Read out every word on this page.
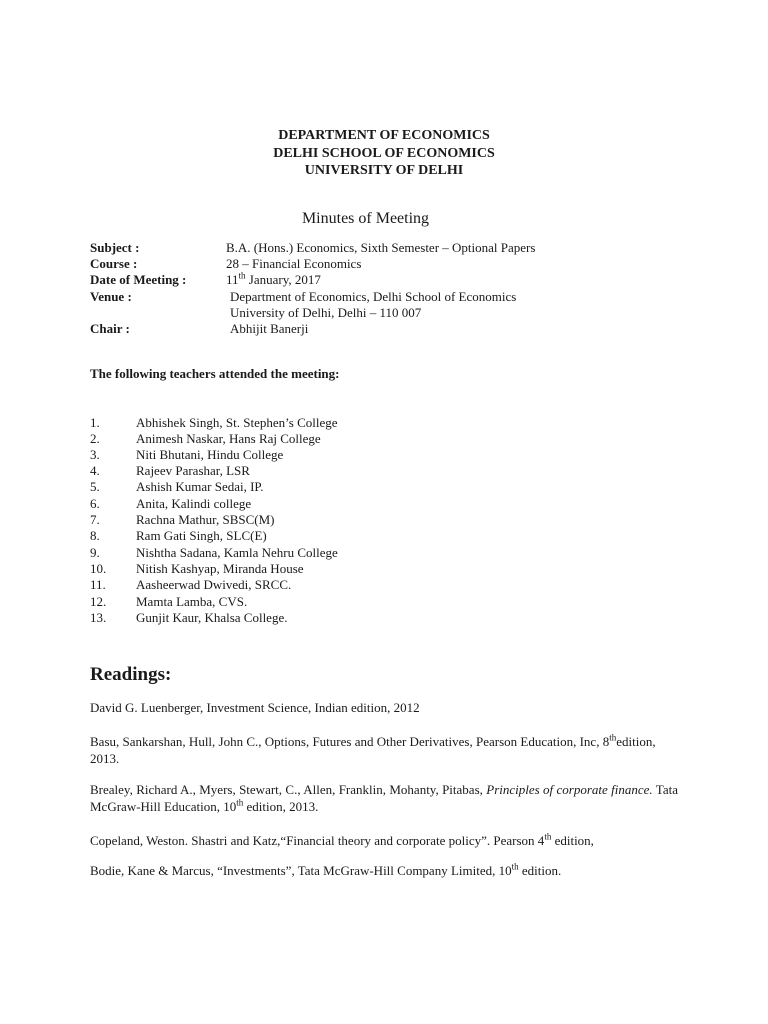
DEPARTMENT OF ECONOMICS
DELHI SCHOOL OF ECONOMICS
UNIVERSITY OF DELHI
Minutes of Meeting
Subject :	B.A. (Hons.) Economics, Sixth Semester – Optional Papers
Course :	28 – Financial Economics
Date of Meeting :	11th January, 2017
Venue :	Department of Economics, Delhi School of Economics
University of Delhi, Delhi – 110 007
Chair :	Abhijit Banerji
The following teachers attended the meeting:
1.	Abhishek Singh, St. Stephen’s College
2.	Animesh Naskar, Hans Raj College
3.	Niti Bhutani, Hindu College
4.	Rajeev Parashar, LSR
5.	Ashish Kumar Sedai, IP.
6.	Anita, Kalindi college
7.	Rachna Mathur, SBSC(M)
8.	Ram Gati Singh, SLC(E)
9.	Nishtha Sadana, Kamla Nehru College
10. Nitish Kashyap, Miranda House
11. Aasheerwad Dwivedi, SRCC.
12. Mamta Lamba, CVS.
13. Gunjit Kaur, Khalsa College.
Readings:
David G. Luenberger, Investment Science, Indian edition, 2012
Basu, Sankarshan, Hull, John C., Options, Futures and Other Derivatives, Pearson Education, Inc, 8thedition, 2013.
Brealey, Richard A., Myers, Stewart, C., Allen, Franklin, Mohanty, Pitabas, Principles of corporate finance. Tata McGraw-Hill Education, 10th edition, 2013.
Copeland, Weston. Shastri and Katz,“Financial theory and corporate policy”. Pearson 4th edition,
Bodie, Kane & Marcus, “Investments”, Tata McGraw-Hill Company Limited, 10th edition.
